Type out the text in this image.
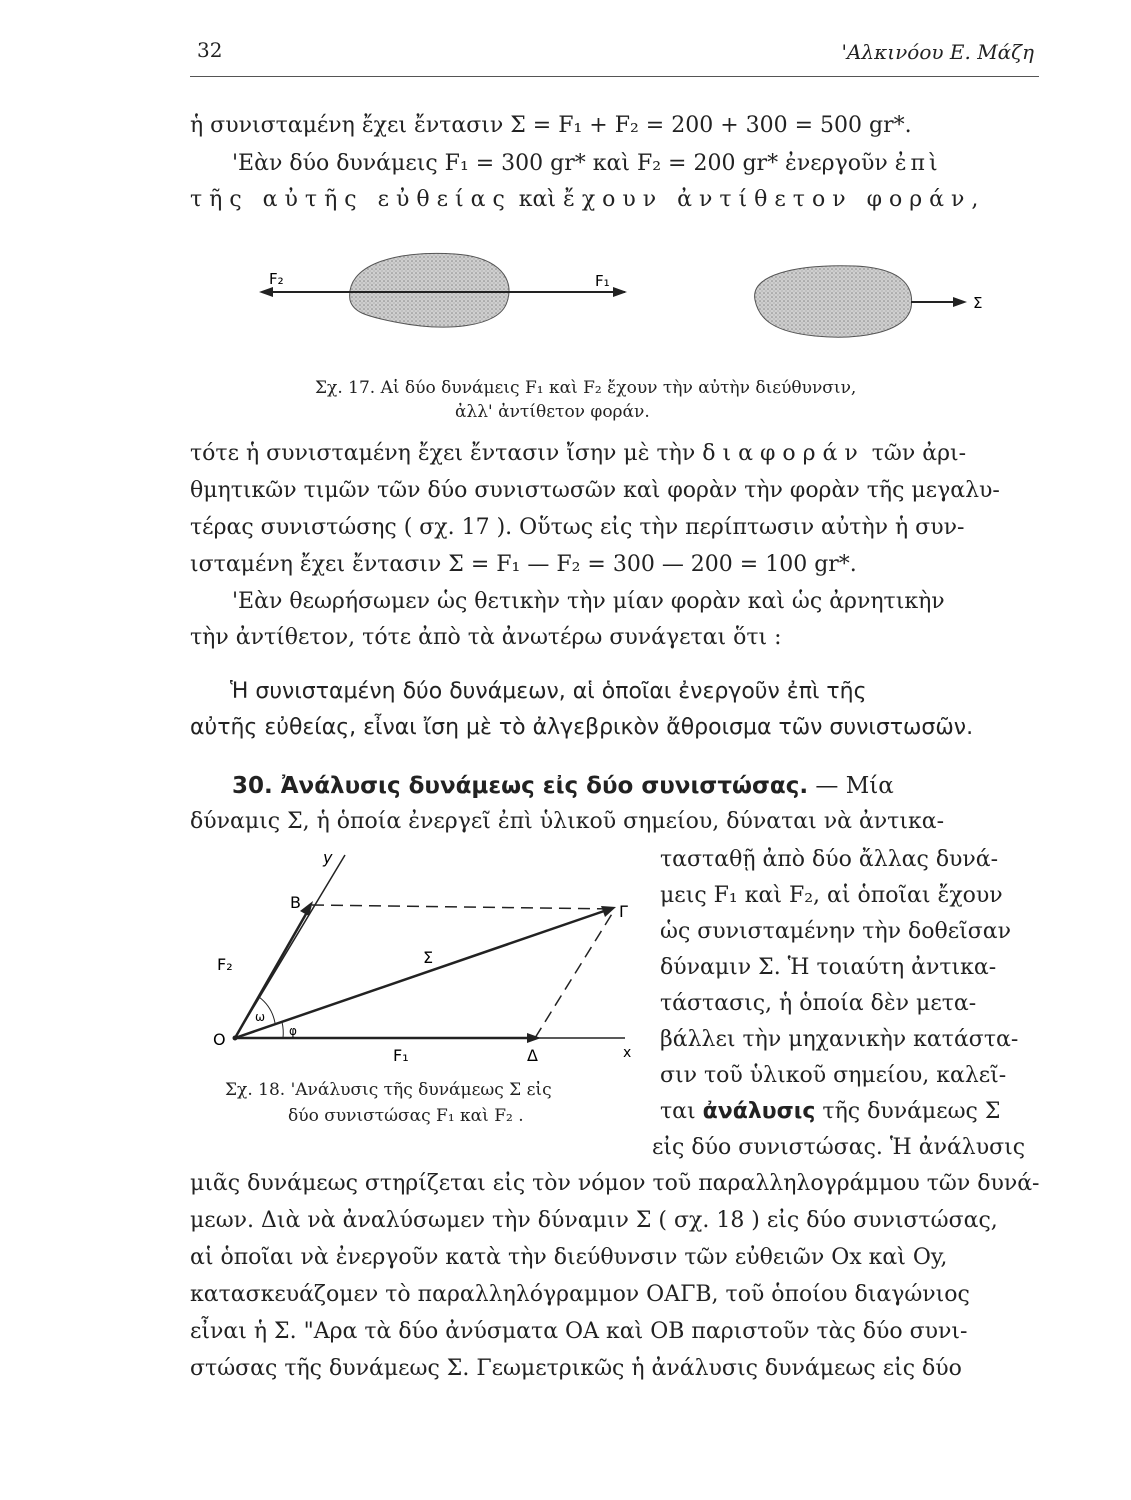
32	'Αλκινόου Ε. Μάζη
ἡ συνισταμένη ἔχει ἔντασιν Σ = F₁ + F₂ = 200 + 300 = 500 gr*.
'Εὰν δύο δυνάμεις F₁ = 300 gr* καὶ F₂ = 200 gr* ἐνεργοῦν ἐπὶ
τῆς αὐτῆς εὐθείας καὶ ἔχουν ἀντίθετον φοράν,
F₂	F₁
Σ
Σχ. 17. Αἱ δύο δυνάμεις F₁ καὶ F₂ ἔχουν τὴν αὐτὴν διεύθυνσιν,
ἀλλ' ἀντίθετον φοράν.
τότε ἡ συνισταμένη ἔχει ἔντασιν ἴσην μὲ τὴν διαφοράν τῶν ἀρι-
θμητικῶν τιμῶν τῶν δύο συνιστωσῶν καὶ φορὰν τὴν φορὰν τῆς μεγαλυ-
τέρας συνιστώσης ( σχ. 17 ). Οὕτως εἰς τὴν περίπτωσιν αὐτὴν ἡ συν-
ισταμένη ἔχει ἔντασιν Σ = F₁ — F₂ = 300 — 200 = 100 gr*.
'Εὰν θεωρήσωμεν ὡς θετικὴν τὴν μίαν φορὰν καὶ ὡς ἀρνητικὴν
τὴν ἀντίθετον, τότε ἀπὸ τὰ ἀνωτέρω συνάγεται ὅτι :
Ἡ συνισταμένη δύο δυνάμεων, αἱ ὁποῖαι ἐνεργοῦν ἐπὶ τῆς
αὐτῆς εὐθείας, εἶναι ἴση μὲ τὸ ἀλγεβρικὸν ἄθροισμα τῶν συνιστωσῶν.
30. Ἀνάλυσις δυνάμεως εἰς δύο συνιστώσας. — Μία
δύναμις Σ, ἡ ὁποία ἐνεργεῖ ἐπὶ ὑλικοῦ σημείου, δύναται νὰ ἀντικα-
τασταθῇ ἀπὸ δύο ἄλλας δυνά-
μεις F₁ καὶ F₂, αἱ ὁποῖαι ἔχουν
ὡς συνισταμένην τὴν δοθεῖσαν
δύναμιν Σ. Ἡ τοιαύτη ἀντικα-
τάστασις, ἡ ὁποία δὲν μετα-
βάλλει τὴν μηχανικὴν κατάστα-
σιν τοῦ ὑλικοῦ σημείου, καλεῖ-
ται ἀνάλυσις τῆς δυνάμεως Σ
εἰς δύο συνιστώσας. Ἡ ἀνάλυσις
y
B	Γ
F₂	Σ
ω
φ
O
F₁	Δ	x
Σχ. 18. 'Ανάλυσις τῆς δυνάμεως Σ εἰς
δύο συνιστώσας F₁ καὶ F₂ .
μιᾶς δυνάμεως στηρίζεται εἰς τὸν νόμον τοῦ παραλληλογράμμου τῶν δυνά-
μεων. Διὰ νὰ ἀναλύσωμεν τὴν δύναμιν Σ ( σχ. 18 ) εἰς δύο συνιστώσας,
αἱ ὁποῖαι νὰ ἐνεργοῦν κατὰ τὴν διεύθυνσιν τῶν εὐθειῶν Ox καὶ Oy,
κατασκευάζομεν τὸ παραλληλόγραμμον ΟΑΓΒ, τοῦ ὁποίου διαγώνιος
εἶναι ἡ Σ. "Αρα τὰ δύο ἀνύσματα ΟΑ καὶ ΟΒ παριστοῦν τὰς δύο συνι-
στώσας τῆς δυνάμεως Σ. Γεωμετρικῶς ἡ ἀνάλυσις δυνάμεως εἰς δύο
